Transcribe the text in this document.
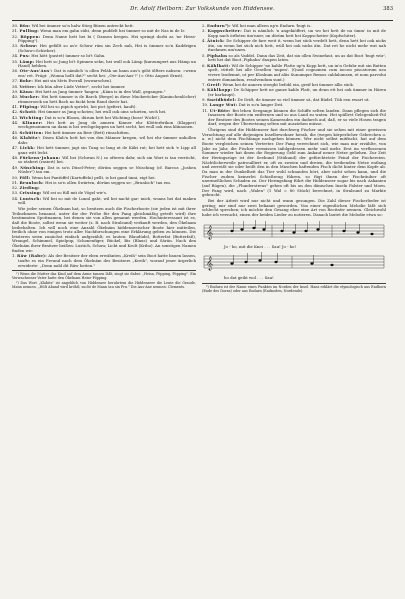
Dr. Adolf Heilborn: Zur Volkskunde von Hiddensee.	383

30. Büx: Wil bei ümmer so'n halw Stieg Büxen antreckt hett.

31. Pulling: Wenn man em gahn süht, denn puddelt hei ümmer so mit de Nas in de Ir.

32. Böppen: Denn Name hett hei bi ( Dansen kregen. Hei springt dorbi as 'ne Heiss-Pöpping").

33. Schuw: Hei gefällt so as'e Schuw rüm sin Zech nah, Hei is ümmer so'n Kaddrigen (Schuw=Schieber).

34. Pus: Hei hött (pustet) ümmer so bi't Gahn.

35. Lämp: Hei hett so Jung bi't Spinnen sehn, hei wull ook Lämp (kurzumpert aus Hämp un Hand) hebben.

36. Ote-Aus'Aus': Dat is nämlich 'n ollen Peläk un hann aus's göht ölfters nahsen: »wenn ens' ret. Frägt: „Wonna hollt dat?" secht hei: „Ote-Aus'Aus'!" (= Otto August Ernst).

37. Bohr: Hei mit sin Mets Everall (swwarschen).

38. Vetter: Ick bün alter Lüde Vetter", secht hei ümmer.

39. Känn: Hei hett as Jung ümmer 'langen: „Känn is in den Wall, gegangen."

40. Mucker: Hei hett ümmer is de Barch (Berge) in diese Muckeröcker (Kaninchenlöcher) rümneroeck un hett Bach no fackt bein Rand davör hat.

41. Pfiping: Wil hei so pipich spricht, hei pict (gefiert, kauft).

42. Schoti: Hei ümmer as Jung schoten; hei wull ook oins schieten, sech hei.

43. Wichting: Dat is so'n Bloom, dürum hett hei Wichting (bose! Wicht!).

44. Klinner: Hei hett as Jung de annern Kinner ehr Klötterbrikon (Klapper) wechgenommen un dann is hei wechgeloppen un hett secht, hei wull ook eins klinnonen.

45. Schütten: Hei hett ümmer an Berr (Bett) rünschitten.

46. Klabitz': Disen Klab'n hett hei von den Männer kregen, wil hei ehr ümmer anhollen dahr.

47. Lickk: Hei hett ümmer, jagt sin Tung so lang ut de Käkt rut; hei hett sick 'e Lipp all ganz witt leckt.

48. Fürkens-Johann: Wil hei (Schwan N.) so ofteren dahr, sich sin Wort is tau verrücht, so räsbert (rasiert) hei.

49. Nüsching: Dat is so'n Düsel-Peter; dörüm seggen se Nüsching (cf. Barcus „Joshen Nüsler") tau em.

50. Föll: Wenn hei Pantüffel (Kartoffeln) pellt, is hei gaud ünni, eigt hei.

51. Brunloch: Hei is so'n ollen Swärten, dörüm seggen se: „Brunloch" tau em.

52. Zieding:

53. Crissing: Wil sei so füll mit de Vögel wir's.

54. Luntsch: Wil hei so mit de Lunnl gaht, wil hei nacht gar: mich, woans hei dat maken will.

Wie jeder seinen Ökelnam hat, so besitzen auch die Fischerboote (sie jeden ist mit ihrer Teilnehmern benannt, unter die der Fröhe für den Fang gleichmäßig geteilt wird) ihre bestimmten Spottnamen, bei denen sie von allen genannt werden. Hochinteressant ist es, daß die Boote, solbst wenn sie weiter (z. B. nach Stralsund) verkauft werden, den Ökelnam beibehalten. Ich will noch eine Anzahl Ökelnäm hiddenseeischer Boote hier mitteilen, freilich ohne von einigen trotz aller Nachforschungen eine Erklärung geben zu können. Die letzteren seien zunächst einfach aufgezählt; es lauten: Blaudüdel, Botterfat (Butterfaß), Wrangel, Schimmel, Spielpup, Schonenfiger, Bückel, Bis (Blaus) und Säriin. Nach den Ökelnäm ihrer Besitzer heißen: Lustich, Schuw, Lickt und Krolt (Kribo). An sonstigen Namen finden wir:

1. Räw (Rabe): Als der Besitzer der eben erwähnten „Kreih" sein Boot hatte bauen lassen, taufte es ein Freund nach dem Ökelnäm des Besitzers „Kreih", worauf jener ärgerlich erwiderte: „Denn nahl dit Räw heiten."

¹) Wenn die Mutter das Kind auf dem Arme tanzen läßt, singt sie dabei: „Heisa, Pöpping, Pöpping". Ein Verwachsener Vater hatte den Ökelnam Heise-Pöpping.

²) Das Wort „Klabitz" ist angeblich von Hiddensee heruhrtem die Hiddenseer die Leute die Graude, Mann nennen. „Hölt Aband wird kröhtl, sucht de Mann tau sin Fru." Die Aus-Ane nennen: Clements.

2. Endurn³): Wil hei man alleen up'n Endurn 'bugt is.

3. Koppscheiter: Dat is nämlich 'n angekiöffert, un wo hei hett de nu ümm' in mit de Kopp nach örfloten üm'nner, un dörüm hett hei Koppscheiter (Kopfschiter).

4. Ätnick: De Schipper de fare weit it, wenn hei sück verdelt hett, denn hett hei ook nicks ätn, un wenn hei sück nich hett, wüll hei ook nicks ätn. Dat ret he nicht mehr wat nah itnehmen um'nnen.

5. Piphahn so als Vaddel. Dann das Zeit, dat sin ollen Swinefaut, un as dat Boot 'bugt wür', hett hei dat Boot ,Piphahn' daupen laten.

6. Kählkatt: Wil de Schipper 'ne kahle Platte up'n Kopp hett, un in'n Gefahr mit sin Batten spelt, rüttelt hei alle Gesellen 'nupen'. (Quod cognomen cum iocoso piscatorum usu vivere leodemnt, ut per Kloskum auf aliis Sunumque Remos caldalumsen, et nom parvolui entere domandum, resolvendum sunt.)

7. Greif: Wenn hei de annern steeght befohl ein, greif hei ümmer allis sück.

8. Kählkopp: De Schipper hett ne ganze kahle Platt, un denn ett hei ook ümmer in Hären (er barhaupt).

9. Sneidbüdel: De Drift, de ümmer so viel ümmer sä, dat Büdel. Tüh een ewart ut.

10. Lange Wut: Dat is so'n langer Drit.

11. Ut-Büte: Bei lehen Seegange können die Schiffe selten landen. Dann pflegen sich die Insassen der Boote ein entfernen und so aus Land zu waten. Hei spüllret Gelegenheit-Pol der Besitzer des Bootes seinen Kameraden ein dadurch auf, daß, er so viele Hosen tragen darf, wegen der Übersetzung selten mit ausziehen müsse.

Übrigens sind die Hiddenseer fast durchweg Fischer und sie sehen mit einer gewissen Verachtung auf alle diejenigen Inselbewohner herab, die (wegen körperlicher Gebrechen o. a. w.) nicht dem Fischfange nachgehen können. Wer nicht selbst mitfischt, hat auf dem Boote vergleichen seinen Vertreter. Der Fang verrechnet sich, wie man mir erzählte, von Jahr zu Jahr, die Fischer vermissen infolgedessen mehr und mehr. Erst im verflossenen Sommer wieder hat ihnen die Regierung Geld zum Ankauf neuer Netze geliehen. Zur Zeit der Heringszüge ist der Seehund (Stühund) der gefürchtetste Feind der Fischereien. Nächtlicherweile patrouilliert er, oft zu zweien und dreien, die treibenden Netze entlang und zerreißt sie oder beißt den in den Maschen haftenden Fisch dicht hinter dem Kopfe ab. Da man in der Dunkelheit das Tier wohl schnaufen hört, aber nicht sehen kann, und die Fischer zudem keinerlei Schießzeug führen, so fügt ihnen der Fischräuber oft unermeßlichen Schaden zu. Der Heringsfang führt die Hiddenseer sogar bis nach Askanien (auf Rügen), die „Flunderstreus" gehen oft bis an den dänischen Inseln Falster und Moen. Der Fang wird, nach „Walen" (1 Wal = 80 Stück) berechnet, in Stralsund zu Markte gebracht.

Bei der Arbeit wird nur nicht und wann gesungen. Die Zahl dieser Fischerlieder ist gering; mir sind nur zwei bekannt geworden. Von einer eigentlichen Melodie läßt sich schlecht sprechen; ich möchte den Gesang eher eine Art von Recitativ nennen. Gleichwohl habe ich versucht, einen der beiden Lieder zu notieren. Danach lautet die Melodie etwa so:

𝄞
Jo - ho, mit die Knei . . . Sau! Jo - ho!
𝄞
ho dat geiht wol . . . Sau!

³) Endurn ist der Name eines Punktes im Norden der Insel. Hans erklärt die etymologisch aus Endhorn (Ende des Dorns) oder aus Endurn (Endnoden, Nordende).
